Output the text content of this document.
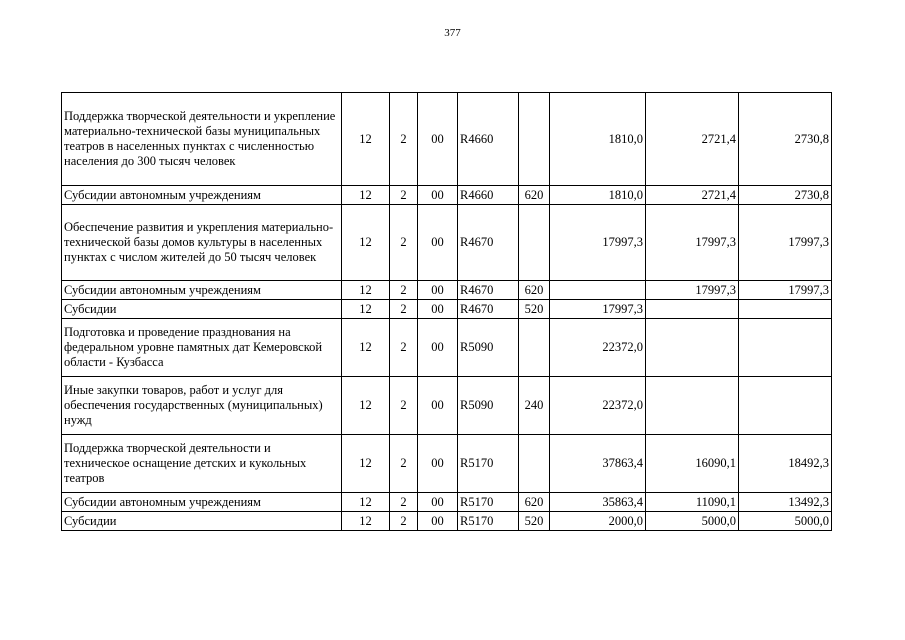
377
Поддержка творческой деятельности и укрепление материально-технической базы муниципальных театров в населенных пунктах с численностью населения до 300 тысяч человек	12	2	00	R4660		1810,0	2721,4	2730,8
Субсидии автономным учреждениям	12	2	00	R4660	620	1810,0	2721,4	2730,8
Обеспечение развития и укрепления материально-технической базы домов культуры в населенных пунктах с числом жителей до 50 тысяч человек	12	2	00	R4670		17997,3	17997,3	17997,3
Субсидии автономным учреждениям	12	2	00	R4670	620		17997,3	17997,3
Субсидии	12	2	00	R4670	520	17997,3		
Подготовка и проведение празднования на федеральном уровне памятных дат Кемеровской области - Кузбасса	12	2	00	R5090		22372,0		
Иные закупки товаров, работ и услуг для обеспечения государственных (муниципальных) нужд	12	2	00	R5090	240	22372,0		
Поддержка творческой деятельности и техническое оснащение детских и кукольных театров	12	2	00	R5170		37863,4	16090,1	18492,3
Субсидии автономным учреждениям	12	2	00	R5170	620	35863,4	11090,1	13492,3
Субсидии	12	2	00	R5170	520	2000,0	5000,0	5000,0
